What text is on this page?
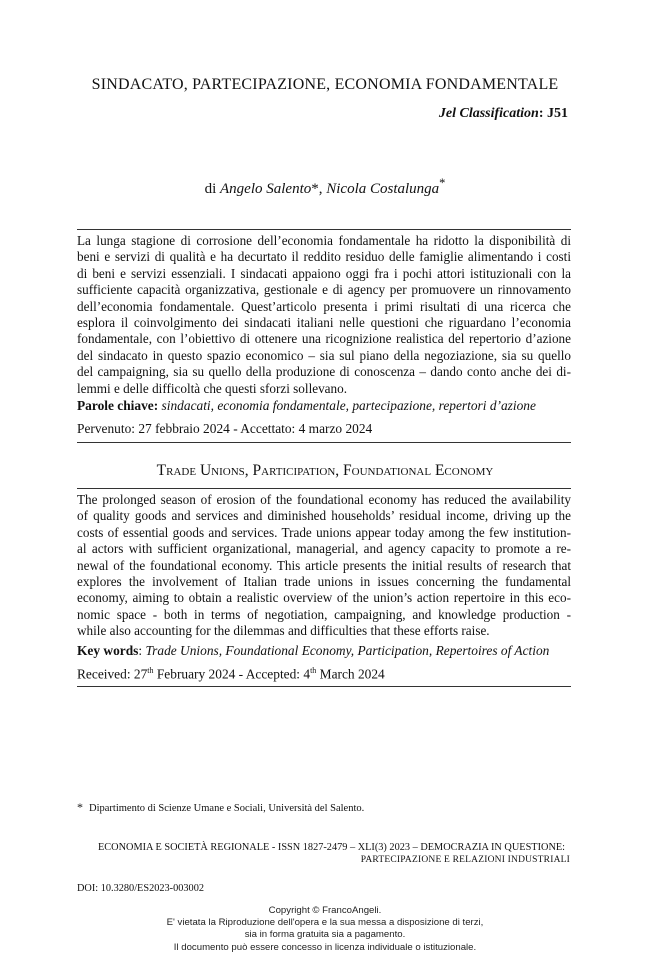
SINDACATO, PARTECIPAZIONE, ECONOMIA FONDAMENTALE
Jel Classification: J51
di Angelo Salento*, Nicola Costalunga*
La lunga stagione di corrosione dell’economia fondamentale ha ridotto la disponibilità di
beni e servizi di qualità e ha decurtato il reddito residuo delle famiglie alimentando i costi
di beni e servizi essenziali. I sindacati appaiono oggi fra i pochi attori istituzionali con la
sufficiente capacità organizzativa, gestionale e di agency per promuovere un rinnovamento
dell’economia fondamentale. Quest’articolo presenta i primi risultati di una ricerca che
esplora il coinvolgimento dei sindacati italiani nelle questioni che riguardano l’economia
fondamentale, con l’obiettivo di ottenere una ricognizione realistica del repertorio d’azione
del sindacato in questo spazio economico – sia sul piano della negoziazione, sia su quello
del campaigning, sia su quello della produzione di conoscenza – dando conto anche dei di-
lemmi e delle difficoltà che questi sforzi sollevano.
Parole chiave: sindacati, economia fondamentale, partecipazione, repertori d’azione
Pervenuto: 27 febbraio 2024 - Accettato: 4 marzo 2024
Trade Unions, Participation, Foundational Economy
The prolonged season of erosion of the foundational economy has reduced the availability
of quality goods and services and diminished households’ residual income, driving up the
costs of essential goods and services. Trade unions appear today among the few institution-
al actors with sufficient organizational, managerial, and agency capacity to promote a re-
newal of the foundational economy. This article presents the initial results of research that
explores the involvement of Italian trade unions in issues concerning the fundamental
economy, aiming to obtain a realistic overview of the union’s action repertoire in this eco-
nomic space - both in terms of negotiation, campaigning, and knowledge production -
while also accounting for the dilemmas and difficulties that these efforts raise.
Key words: Trade Unions, Foundational Economy, Participation, Repertoires of Action
Received: 27th February 2024 - Accepted: 4th March 2024
* Dipartimento di Scienze Umane e Sociali, Università del Salento.
ECONOMIA E SOCIETÀ REGIONALE - ISSN 1827-2479 – XLI(3) 2023 – DEMOCRAZIA IN QUESTIONE:
PARTECIPAZIONE E RELAZIONI INDUSTRIALI
DOI: 10.3280/ES2023-003002
Copyright © FrancoAngeli.
E' vietata la Riproduzione dell'opera e la sua messa a disposizione di terzi,
sia in forma gratuita sia a pagamento.
Il documento può essere concesso in licenza individuale o istituzionale.
